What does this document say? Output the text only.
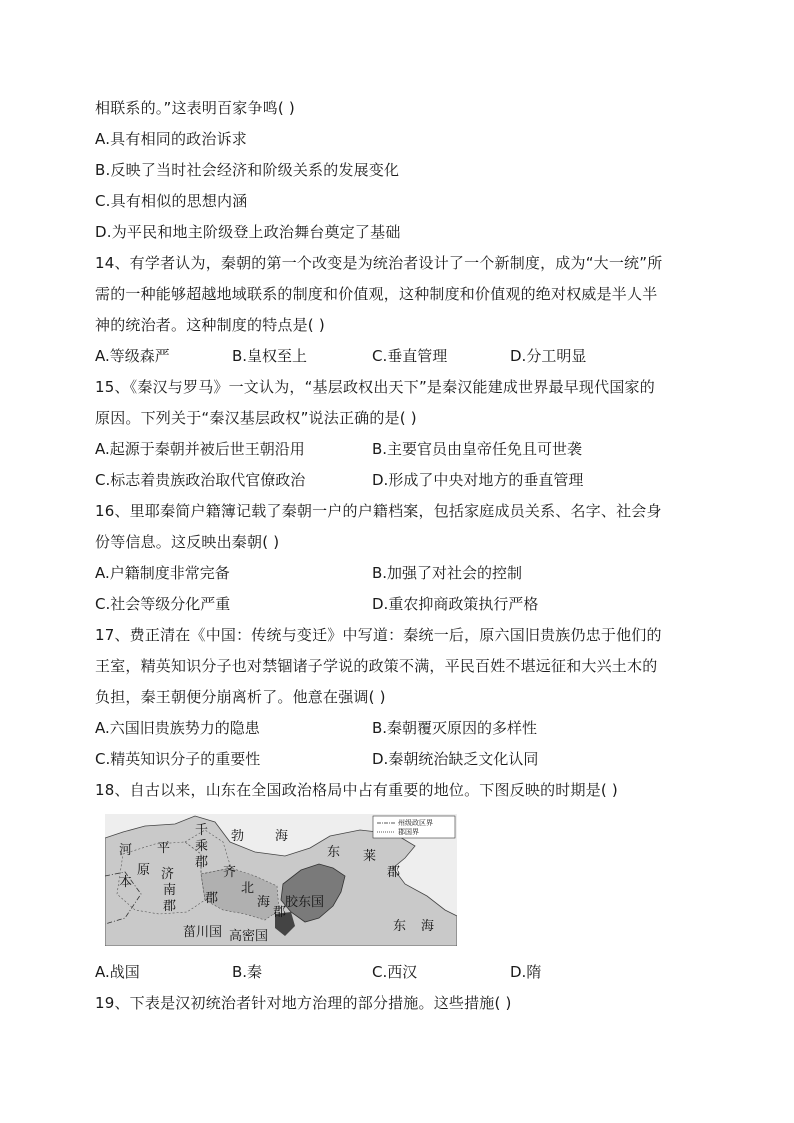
相联系的。”这表明百家争鸣( )
A.具有相同的政治诉求
B.反映了当时社会经济和阶级关系的发展变化
C.具有相似的思想内涵
D.为平民和地主阶级登上政治舞台奠定了基础
14、有学者认为，秦朝的第一个改变是为统治者设计了一个新制度，成为“大一统”所
需的一种能够超越地域联系的制度和价值观，这种制度和价值观的绝对权威是半人半
神的统治者。这种制度的特点是( )
A.等级森严	B.皇权至上	C.垂直管理	D.分工明显
15、《秦汉与罗马》一文认为，“基层政权出天下”是秦汉能建成世界最早现代国家的
原因。下列关于“秦汉基层政权”说法正确的是( )
A.起源于秦朝并被后世王朝沿用	B.主要官员由皇帝任免且可世袭
C.标志着贵族政治取代官僚政治	D.形成了中央对地方的垂直管理
16、里耶秦简户籍簿记载了秦朝一户的户籍档案，包括家庭成员关系、名字、社会身
份等信息。这反映出秦朝( )
A.户籍制度非常完备	B.加强了对社会的控制
C.社会等级分化严重	D.重农抑商政策执行严格
17、费正清在《中国：传统与变迁》中写道：秦统一后，原六国旧贵族仍忠于他们的
王室，精英知识分子也对禁锢诸子学说的政策不满，平民百姓不堪远征和大兴土木的
负担，秦王朝便分崩离析了。他意在强调( )
A.六国旧贵族势力的隐患	B.秦朝覆灭原因的多样性
C.精英知识分子的重要性	D.秦朝统治缺乏文化认同
18、自古以来，山东在全国政治格局中占有重要的地位。下图反映的时期是( )
州级政区界
郡国界
河 平
原
本
济
南
郡
千
乘
郡
齐
郡
北
海
郡
胶东国
勃 海
东 莱
郡
东 海
菑川国 高密国
A.战国	B.秦	C.西汉	D.隋
19、下表是汉初统治者针对地方治理的部分措施。这些措施( )
